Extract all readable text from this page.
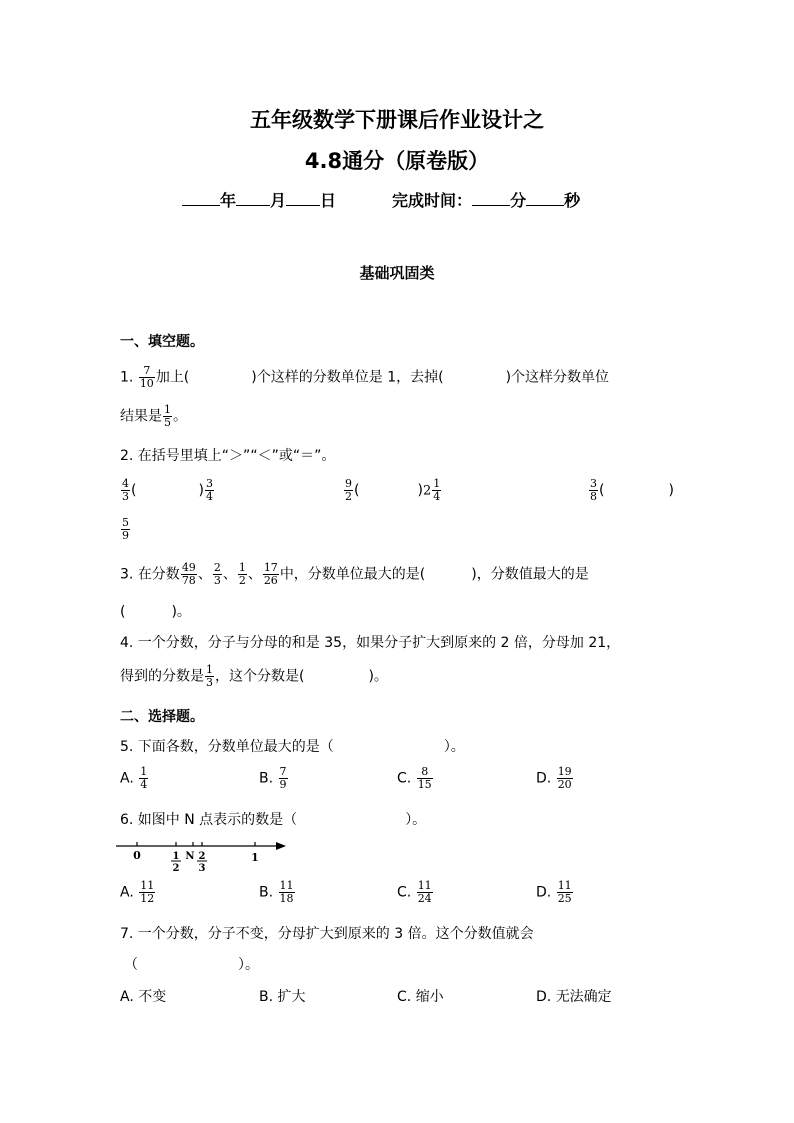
五年级数学下册课后作业设计之
4.8通分（原卷版）
年 月 日	完成时间： 分 秒
基础巩固类
一、填空题。
1. $\frac{7}{10}$ 加上(	)个这样的分数单位是 1，去掉(	)个这样分数单位
结果是 $\frac{1}{5}$ 。
2. 在括号里填上“＞”“＜”或“＝”。
$\frac{4}{3}$ (	) $\frac{3}{4}$	$\frac{9}{2}$ (	)$2 \frac{1}{4}$	$\frac{3}{8}$ (	)
$\frac{5}{9}$
3. 在分数 $\frac{49}{78}$ 、 $\frac{2}{3}$ 、 $\frac{1}{2}$ 、 $\frac{17}{26}$ 中，分数单位最大的是(	)，分数值最大的是
(	)。
4. 一个分数，分子与分母的和是 35，如果分子扩大到原来的 2 倍，分母加 21，
得到的分数是 $\frac{1}{3}$ ，这个分数是(	)。
二、选择题。
5. 下面各数，分数单位最大的是（	）。
A. $\frac{1}{4}$	B. $\frac{7}{9}$	C. $\frac{8}{15}$	D. $\frac{19}{20}$
6. 如图中 N 点表示的数是（	）。
0	1
2
N 2
3
1
A. $\frac{11}{12}$	B. $\frac{11}{18}$	C. $\frac{11}{24}$	D. $\frac{11}{25}$
7. 一个分数，分子不变，分母扩大到原来的 3 倍。这个分数值就会
（	）。
A. 不变	B. 扩大	C. 缩小	D. 无法确定
